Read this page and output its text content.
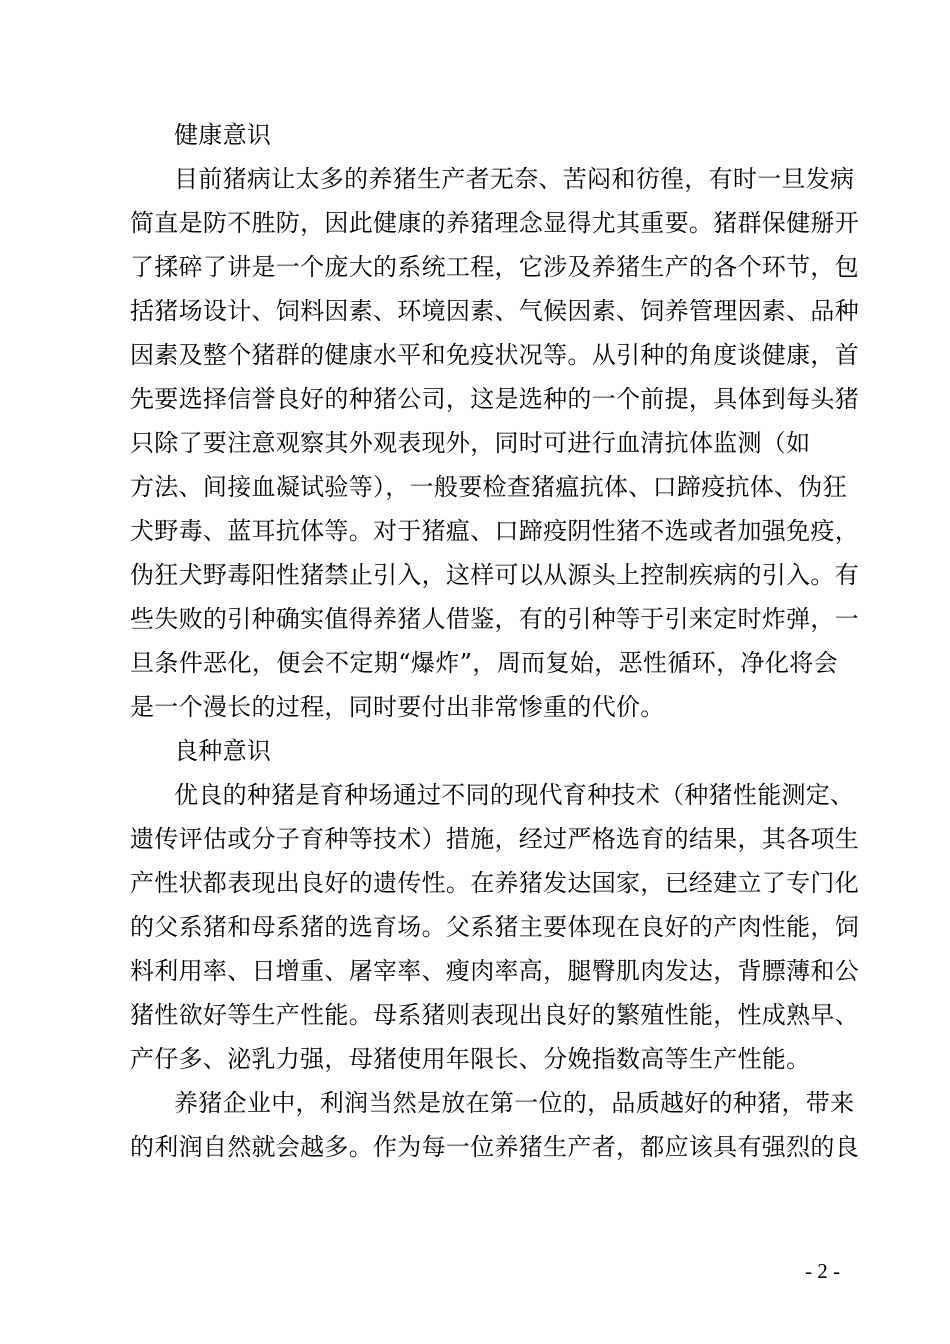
健康意识
目前猪病让太多的养猪生产者无奈、苦闷和彷徨，有时一旦发病
简直是防不胜防，因此健康的养猪理念显得尤其重要。猪群保健掰开
了揉碎了讲是一个庞大的系统工程，它涉及养猪生产的各个环节，包
括猪场设计、饲料因素、环境因素、气候因素、饲养管理因素、品种
因素及整个猪群的健康水平和免疫状况等。从引种的角度谈健康，首
先要选择信誉良好的种猪公司，这是选种的一个前提，具体到每头猪
只除了要注意观察其外观表现外，同时可进行血清抗体监测（如
方法、间接血凝试验等），一般要检查猪瘟抗体、口蹄疫抗体、伪狂
犬野毒、蓝耳抗体等。对于猪瘟、口蹄疫阴性猪不选或者加强免疫，
伪狂犬野毒阳性猪禁止引入，这样可以从源头上控制疾病的引入。有
些失败的引种确实值得养猪人借鉴，有的引种等于引来定时炸弹，一
旦条件恶化，便会不定期“爆炸”，周而复始，恶性循环，净化将会
是一个漫长的过程，同时要付出非常惨重的代价。
良种意识
优良的种猪是育种场通过不同的现代育种技术（种猪性能测定、
遗传评估或分子育种等技术）措施，经过严格选育的结果，其各项生
产性状都表现出良好的遗传性。在养猪发达国家，已经建立了专门化
的父系猪和母系猪的选育场。父系猪主要体现在良好的产肉性能，饲
料利用率、日增重、屠宰率、瘦肉率高，腿臀肌肉发达，背膘薄和公
猪性欲好等生产性能。母系猪则表现出良好的繁殖性能，性成熟早、
产仔多、泌乳力强，母猪使用年限长、分娩指数高等生产性能。
养猪企业中，利润当然是放在第一位的，品质越好的种猪，带来
的利润自然就会越多。作为每一位养猪生产者，都应该具有强烈的良
- 2 -
